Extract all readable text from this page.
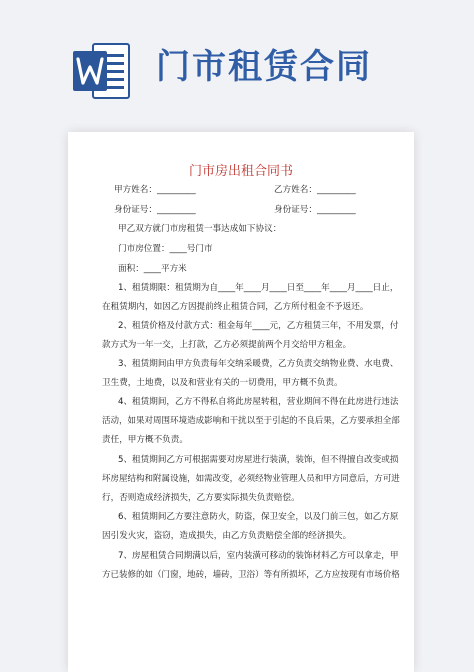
门市租赁合同
门市房出租合同书
甲方姓名：_________	乙方姓名：_________
身份证号：_________	身份证号：_________
甲乙双方就门市房租赁一事达成如下协议：
门市房位置：____号门市
面积：____平方米
1、租赁期限：租赁期为自____年____月____日至____年____月____日止，
在租赁期内，如因乙方因提前终止租赁合同，乙方所付租金不予返还。
2、租赁价格及付款方式：租金每年____元，乙方租赁三年，不用发票，付
款方式为一年一交，上打款，乙方必须提前两个月交给甲方租金。
3、租赁期间由甲方负责每年交纳采暖费，乙方负责交纳物业费、水电费、
卫生费，土地费，以及和营业有关的一切费用，甲方概不负责。
4、租赁期间，乙方不得私自将此房屋转租，营业期间不得在此房进行违法
活动，如果对周围环境造成影响和干扰以至于引起的不良后果，乙方要承担全部
责任，甲方概不负责。
5、租赁期间乙方可根据需要对房屋进行装潢，装饰，但不得擅自改变或损
坏房屋结构和附属设施，如需改变，必须经物业管理人员和甲方同意后，方可进
行，否则造成经济损失，乙方要实际损失负责赔偿。
6、租赁期间乙方要注意防火，防盗，保卫安全，以及门前三包，如乙方原
因引发火灾，盗窃，造成损失，由乙方负责赔偿全部的经济损失。
7、房屋租赁合同期满以后，室内装潢可移动的装饰材料乙方可以拿走，甲
方已装修的如（门窗，地砖，墙砖，卫浴）等有所损坏，乙方应按现有市场价格
